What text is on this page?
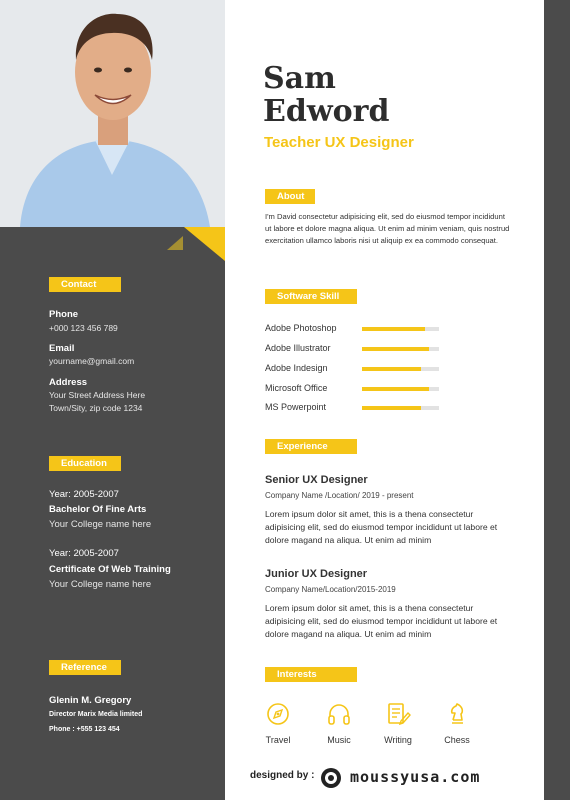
Contact
Phone
+000 123 456 789
Email
yourname@gmail.com
Address
Your Street Address Here
Town/Sity, zip code 1234
Education
Year: 2005-2007
Bachelor Of Fine Arts
Your College name here
Year: 2005-2007
Certificate Of Web Training
Your College name here
Reference
Glenin M. Gregory
Director Marix Media limited
Phone : +555 123 454
Sam
Edword
Teacher UX Designer
About
I'm David consectetur adipisicing elit, sed do eiusmod tempor incididunt ut labore et dolore magna aliqua. Ut enim ad minim veniam, quis nostrud exercitation ullamco laboris nisi ut aliquip ex ea commodo consequat.
Software Skill
Adobe Photoshop
Adobe Illustrator
Adobe Indesign
Microsoft Office
MS Powerpoint
Experience
Senior UX Designer
Company Name /Location/ 2019 - present
Lorem ipsum dolor sit amet, this is a thena consectetur adipisicing elit, sed do eiusmod tempor incididunt ut labore et dolore magand na aliqua. Ut enim ad minim
Junior UX Designer
Company Name/Location/2015-2019
Lorem ipsum dolor sit amet, this is a thena consectetur adipisicing elit, sed do eiusmod tempor incididunt ut labore et dolore magand na aliqua. Ut enim ad minim
Interests
Travel	Music	Writing	Chess
designed by : moussyusa.com
